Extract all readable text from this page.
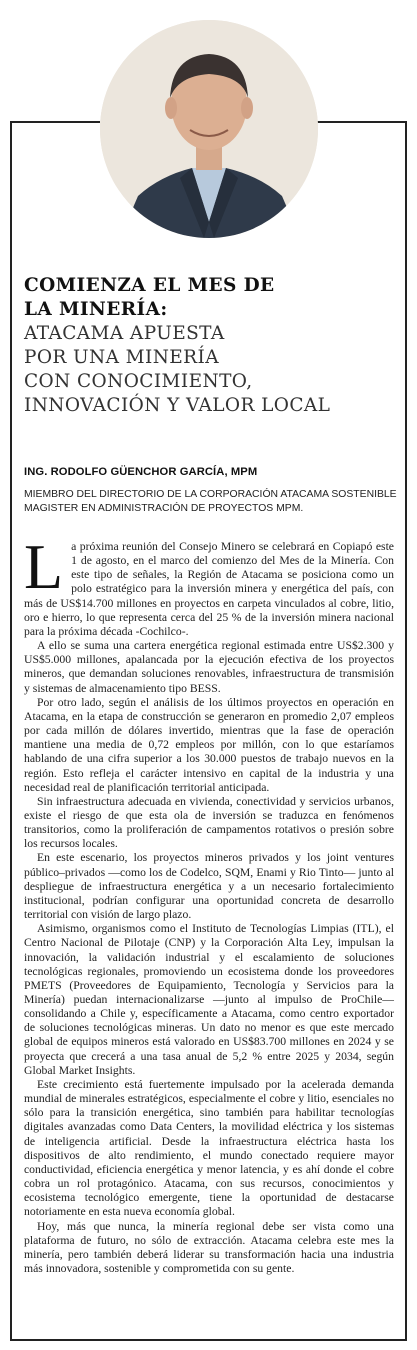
COMIENZA EL MES DE
LA MINERÍA:
ATACAMA APUESTA
POR UNA MINERÍA
CON CONOCIMIENTO,
INNOVACIÓN Y VALOR LOCAL
ING. RODOLFO GÜENCHOR GARCÍA, MPM
MIEMBRO DEL DIRECTORIO DE LA CORPORACIÓN ATACAMA SOSTENIBLE MAGISTER EN ADMINISTRACIÓN DE PROYECTOS MPM.

La próxima reunión del Consejo Minero se celebrará en Copiapó este 1 de agosto, en el marco del comienzo del Mes de la Minería. Con este tipo de señales, la Región de Atacama se posiciona como un polo estratégico para la inversión minera y energética del país, con más de US$14.700 millones en proyectos en carpeta vinculados al cobre, litio, oro e hierro, lo que representa cerca del 25 % de la inversión minera nacional para la próxima década -Cochilco-.

A ello se suma una cartera energética regional estimada entre US$2.300 y US$5.000 millones, apalancada por la ejecución efectiva de los proyectos mineros, que demandan soluciones renovables, infraestructura de transmisión y sistemas de almacenamiento tipo BESS.

Por otro lado, según el análisis de los últimos proyectos en operación en Atacama, en la etapa de construcción se generaron en promedio 2,07 empleos por cada millón de dólares invertido, mientras que la fase de operación mantiene una media de 0,72 empleos por millón, con lo que estaríamos hablando de una cifra superior a los 30.000 puestos de trabajo nuevos en la región. Esto refleja el carácter intensivo en capital de la industria y una necesidad real de planificación territorial anticipada.

Sin infraestructura adecuada en vivienda, conectividad y servicios urbanos, existe el riesgo de que esta ola de inversión se traduzca en fenómenos transitorios, como la proliferación de campamentos rotativos o presión sobre los recursos locales.

En este escenario, los proyectos mineros privados y los joint ventures público–privados —como los de Codelco, SQM, Enami y Rio Tinto— junto al despliegue de infraestructura energética y a un necesario fortalecimiento institucional, podrían configurar una oportunidad concreta de desarrollo territorial con visión de largo plazo.

Asimismo, organismos como el Instituto de Tecnologías Limpias (ITL), el Centro Nacional de Pilotaje (CNP) y la Corporación Alta Ley, impulsan la innovación, la validación industrial y el escalamiento de soluciones tecnológicas regionales, promoviendo un ecosistema donde los proveedores PMETS (Proveedores de Equipamiento, Tecnología y Servicios para la Minería) puedan internacionalizarse —junto al impulso de ProChile— consolidando a Chile y, específicamente a Atacama, como centro exportador de soluciones tecnológicas mineras. Un dato no menor es que este mercado global de equipos mineros está valorado en US$83.700 millones en 2024 y se proyecta que crecerá a una tasa anual de 5,2 % entre 2025 y 2034, según Global Market Insights.

Este crecimiento está fuertemente impulsado por la acelerada demanda mundial de minerales estratégicos, especialmente el cobre y litio, esenciales no sólo para la transición energética, sino también para habilitar tecnologías digitales avanzadas como Data Centers, la movilidad eléctrica y los sistemas de inteligencia artificial. Desde la infraestructura eléctrica hasta los dispositivos de alto rendimiento, el mundo conectado requiere mayor conductividad, eficiencia energética y menor latencia, y es ahí donde el cobre cobra un rol protagónico. Atacama, con sus recursos, conocimientos y ecosistema tecnológico emergente, tiene la oportunidad de destacarse notoriamente en esta nueva economía global.

Hoy, más que nunca, la minería regional debe ser vista como una plataforma de futuro, no sólo de extracción. Atacama celebra este mes la minería, pero también deberá liderar su transformación hacia una industria más innovadora, sostenible y comprometida con su gente.
